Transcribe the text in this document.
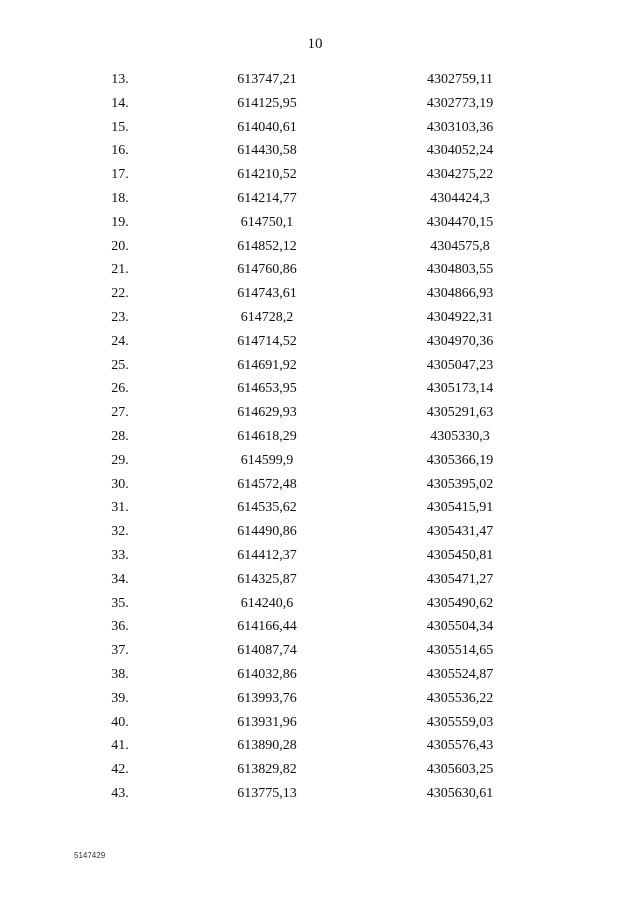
10
13.	613747,21	4302759,11
14.	614125,95	4302773,19
15.	614040,61	4303103,36
16.	614430,58	4304052,24
17.	614210,52	4304275,22
18.	614214,77	4304424,3
19.	614750,1	4304470,15
20.	614852,12	4304575,8
21.	614760,86	4304803,55
22.	614743,61	4304866,93
23.	614728,2	4304922,31
24.	614714,52	4304970,36
25.	614691,92	4305047,23
26.	614653,95	4305173,14
27.	614629,93	4305291,63
28.	614618,29	4305330,3
29.	614599,9	4305366,19
30.	614572,48	4305395,02
31.	614535,62	4305415,91
32.	614490,86	4305431,47
33.	614412,37	4305450,81
34.	614325,87	4305471,27
35.	614240,6	4305490,62
36.	614166,44	4305504,34
37.	614087,74	4305514,65
38.	614032,86	4305524,87
39.	613993,76	4305536,22
40.	613931,96	4305559,03
41.	613890,28	4305576,43
42.	613829,82	4305603,25
43.	613775,13	4305630,61
5147429
